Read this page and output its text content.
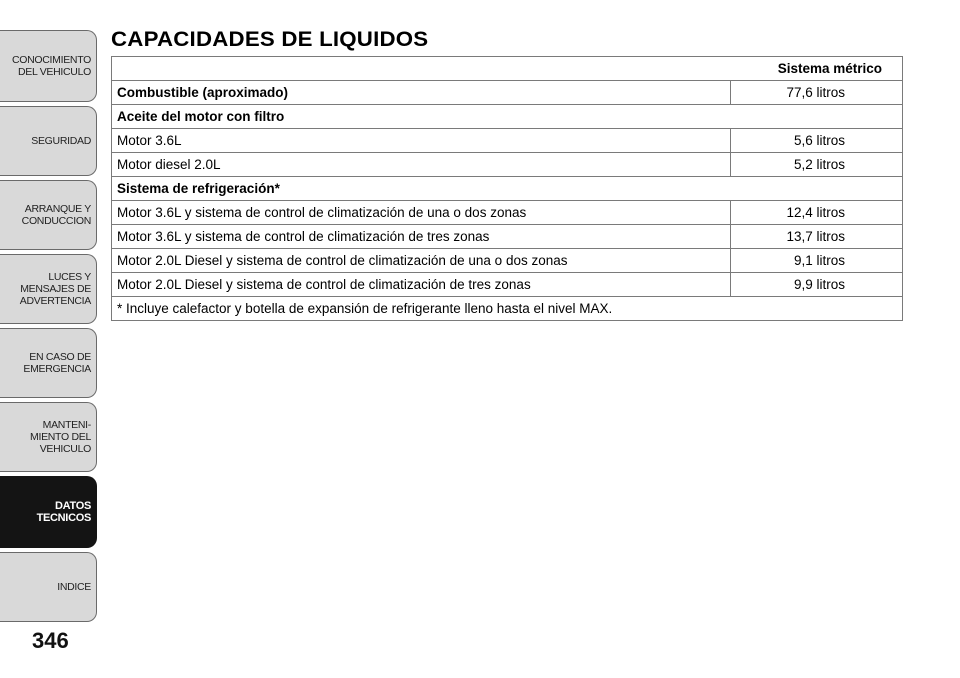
CONOCIMIENTO
DEL VEHICULO
SEGURIDAD
ARRANQUE Y
CONDUCCION
LUCES Y
MENSAJES DE
ADVERTENCIA
EN CASO DE
EMERGENCIA
MANTENI-
MIENTO DEL
VEHICULO
DATOS
TECNICOS
INDICE
346
CAPACIDADES DE LIQUIDOS
Sistema métrico	
Combustible (aproximado)	77,6 litros
Aceite del motor con filtro	
Motor 3.6L	5,6 litros
Motor diesel 2.0L	5,2 litros
Sistema de refrigeración*	
Motor 3.6L y sistema de control de climatización de una o dos zonas	12,4 litros
Motor 3.6L y sistema de control de climatización de tres zonas	13,7 litros
Motor 2.0L Diesel y sistema de control de climatización de una o dos zonas	9,1 litros
Motor 2.0L Diesel y sistema de control de climatización de tres zonas	9,9 litros
* Incluye calefactor y botella de expansión de refrigerante lleno hasta el nivel MAX.	
